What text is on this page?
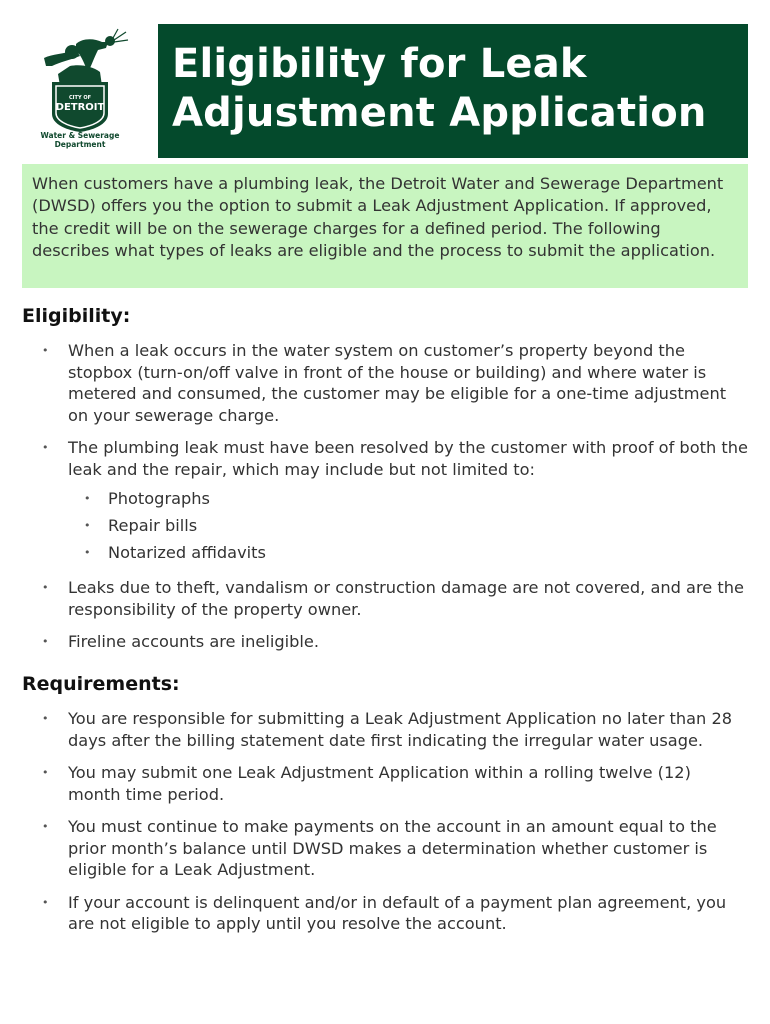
CITY OF
DETROIT
Water & Sewerage
Department
Eligibility for Leak Adjustment Application
When customers have a plumbing leak, the Detroit Water and Sewerage Department (DWSD) offers you the option to submit a Leak Adjustment Application. If approved, the credit will be on the sewerage charges for a defined period. The following describes what types of leaks are eligible and the process to submit the application.
Eligibility:
• When a leak occurs in the water system on customer’s property beyond the stopbox (turn-on/off valve in front of the house or building) and where water is metered and consumed, the customer may be eligible for a one-time adjustment on your sewerage charge.
• The plumbing leak must have been resolved by the customer with proof of both the leak and the repair, which may include but not limited to:
• Photographs
• Repair bills
• Notarized affidavits
• Leaks due to theft, vandalism or construction damage are not covered, and are the responsibility of the property owner.
• Fireline accounts are ineligible.
Requirements:
• You are responsible for submitting a Leak Adjustment Application no later than 28 days after the billing statement date first indicating the irregular water usage.
• You may submit one Leak Adjustment Application within a rolling twelve (12) month time period.
• You must continue to make payments on the account in an amount equal to the prior month’s balance until DWSD makes a determination whether customer is eligible for a Leak Adjustment.
• If your account is delinquent and/or in default of a payment plan agreement, you are not eligible to apply until you resolve the account.
